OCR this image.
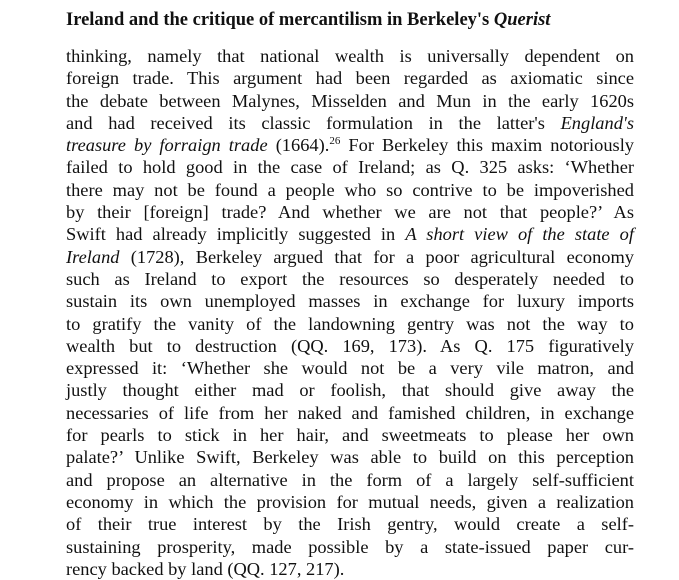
Ireland and the critique of mercantilism in Berkeley's Querist
thinking, namely that national wealth is universally dependent on
foreign trade. This argument had been regarded as axiomatic since
the debate between Malynes, Misselden and Mun in the early 1620s
and had received its classic formulation in the latter's England's
treasure by forraign trade (1664).$^{26}$ For Berkeley this maxim notoriously
failed to hold good in the case of Ireland; as Q. 325 asks: ‘Whether
there may not be found a people who so contrive to be impoverished
by their [foreign] trade? And whether we are not that people?’ As
Swift had already implicitly suggested in A short view of the state of
Ireland (1728), Berkeley argued that for a poor agricultural economy
such as Ireland to export the resources so desperately needed to
sustain its own unemployed masses in exchange for luxury imports
to gratify the vanity of the landowning gentry was not the way to
wealth but to destruction (QQ. 169, 173). As Q. 175 figuratively
expressed it: ‘Whether she would not be a very vile matron, and
justly thought either mad or foolish, that should give away the
necessaries of life from her naked and famished children, in exchange
for pearls to stick in her hair, and sweetmeats to please her own
palate?’ Unlike Swift, Berkeley was able to build on this perception
and propose an alternative in the form of a largely self-sufficient
economy in which the provision for mutual needs, given a realization
of their true interest by the Irish gentry, would create a self-
sustaining prosperity, made possible by a state-issued paper cur-
rency backed by land (QQ. 127, 217).
